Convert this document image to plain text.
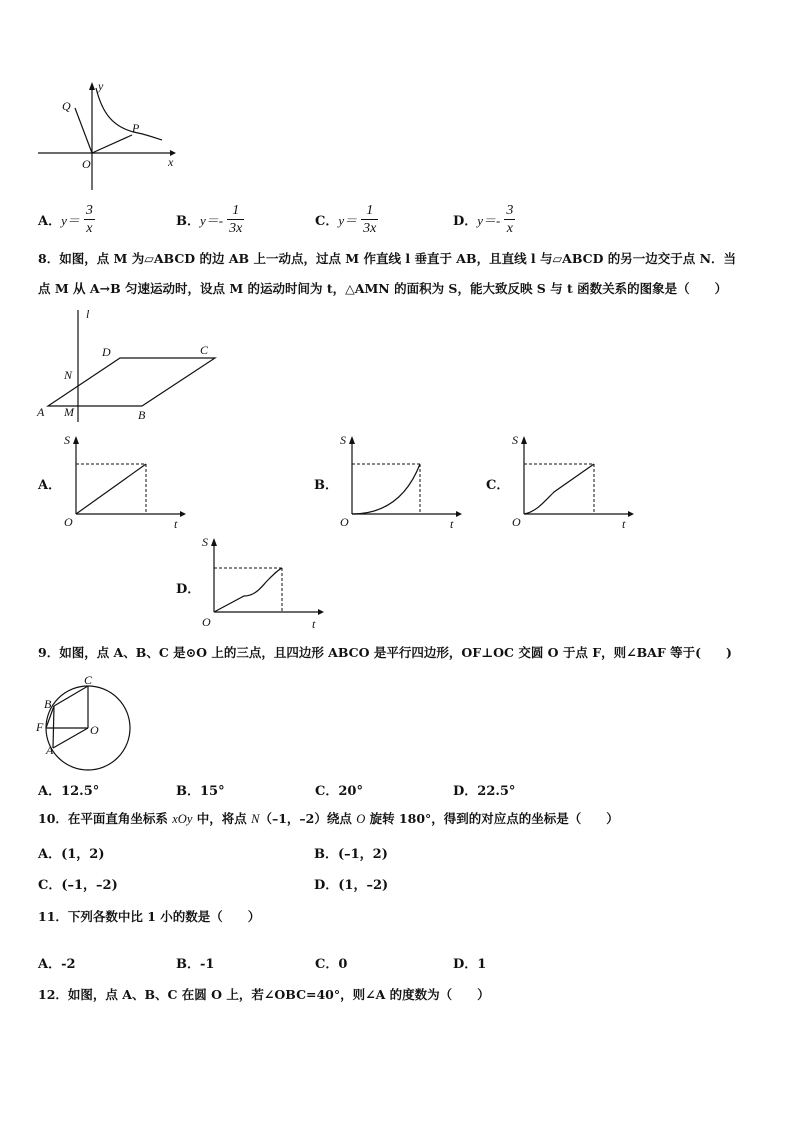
O
y
x
Q
P
A． $y= \frac{3}{x}$	B． $y=- \frac{1}{3x}$	C． $y= \frac{1}{3x}$	D． $y=- \frac{3}{x}$
8．如图，点 M 为▱ABCD 的边 AB 上一动点，过点 M 作直线 l 垂直于 AB，且直线 l 与▱ABCD 的另一边交于点 N．当
点 M 从 A→B 匀速运动时，设点 M 的运动时间为 t，△AMN 的面积为 S，能大致反映 S 与 t 函数关系的图象是（　　）
l
D	C
N
A M	B
A．
S
O	t
B．
S
O	t
C．
S
O	t
D．
S
O	t
9．如图，点 A、B、C 是⊙O 上的三点，且四边形 ABCO 是平行四边形，OF⊥OC 交圆 O 于点 F，则∠BAF 等于(　　)
C
B
F	O
A
A．12.5°	B．15°	C．20°	D．22.5°
10．在平面直角坐标系 xOy 中，将点 N（–1，–2）绕点 O 旋转 180°，得到的对应点的坐标是（　　）
A．(1，2)	B．(–1，2)
C．(–1，–2)	D．(1，–2)
11．下列各数中比 1 小的数是（　　）
A．-2	B．-1	C．0	D．1
12．如图，点 A、B、C 在圆 O 上，若∠OBC=40°，则∠A 的度数为（　　）
